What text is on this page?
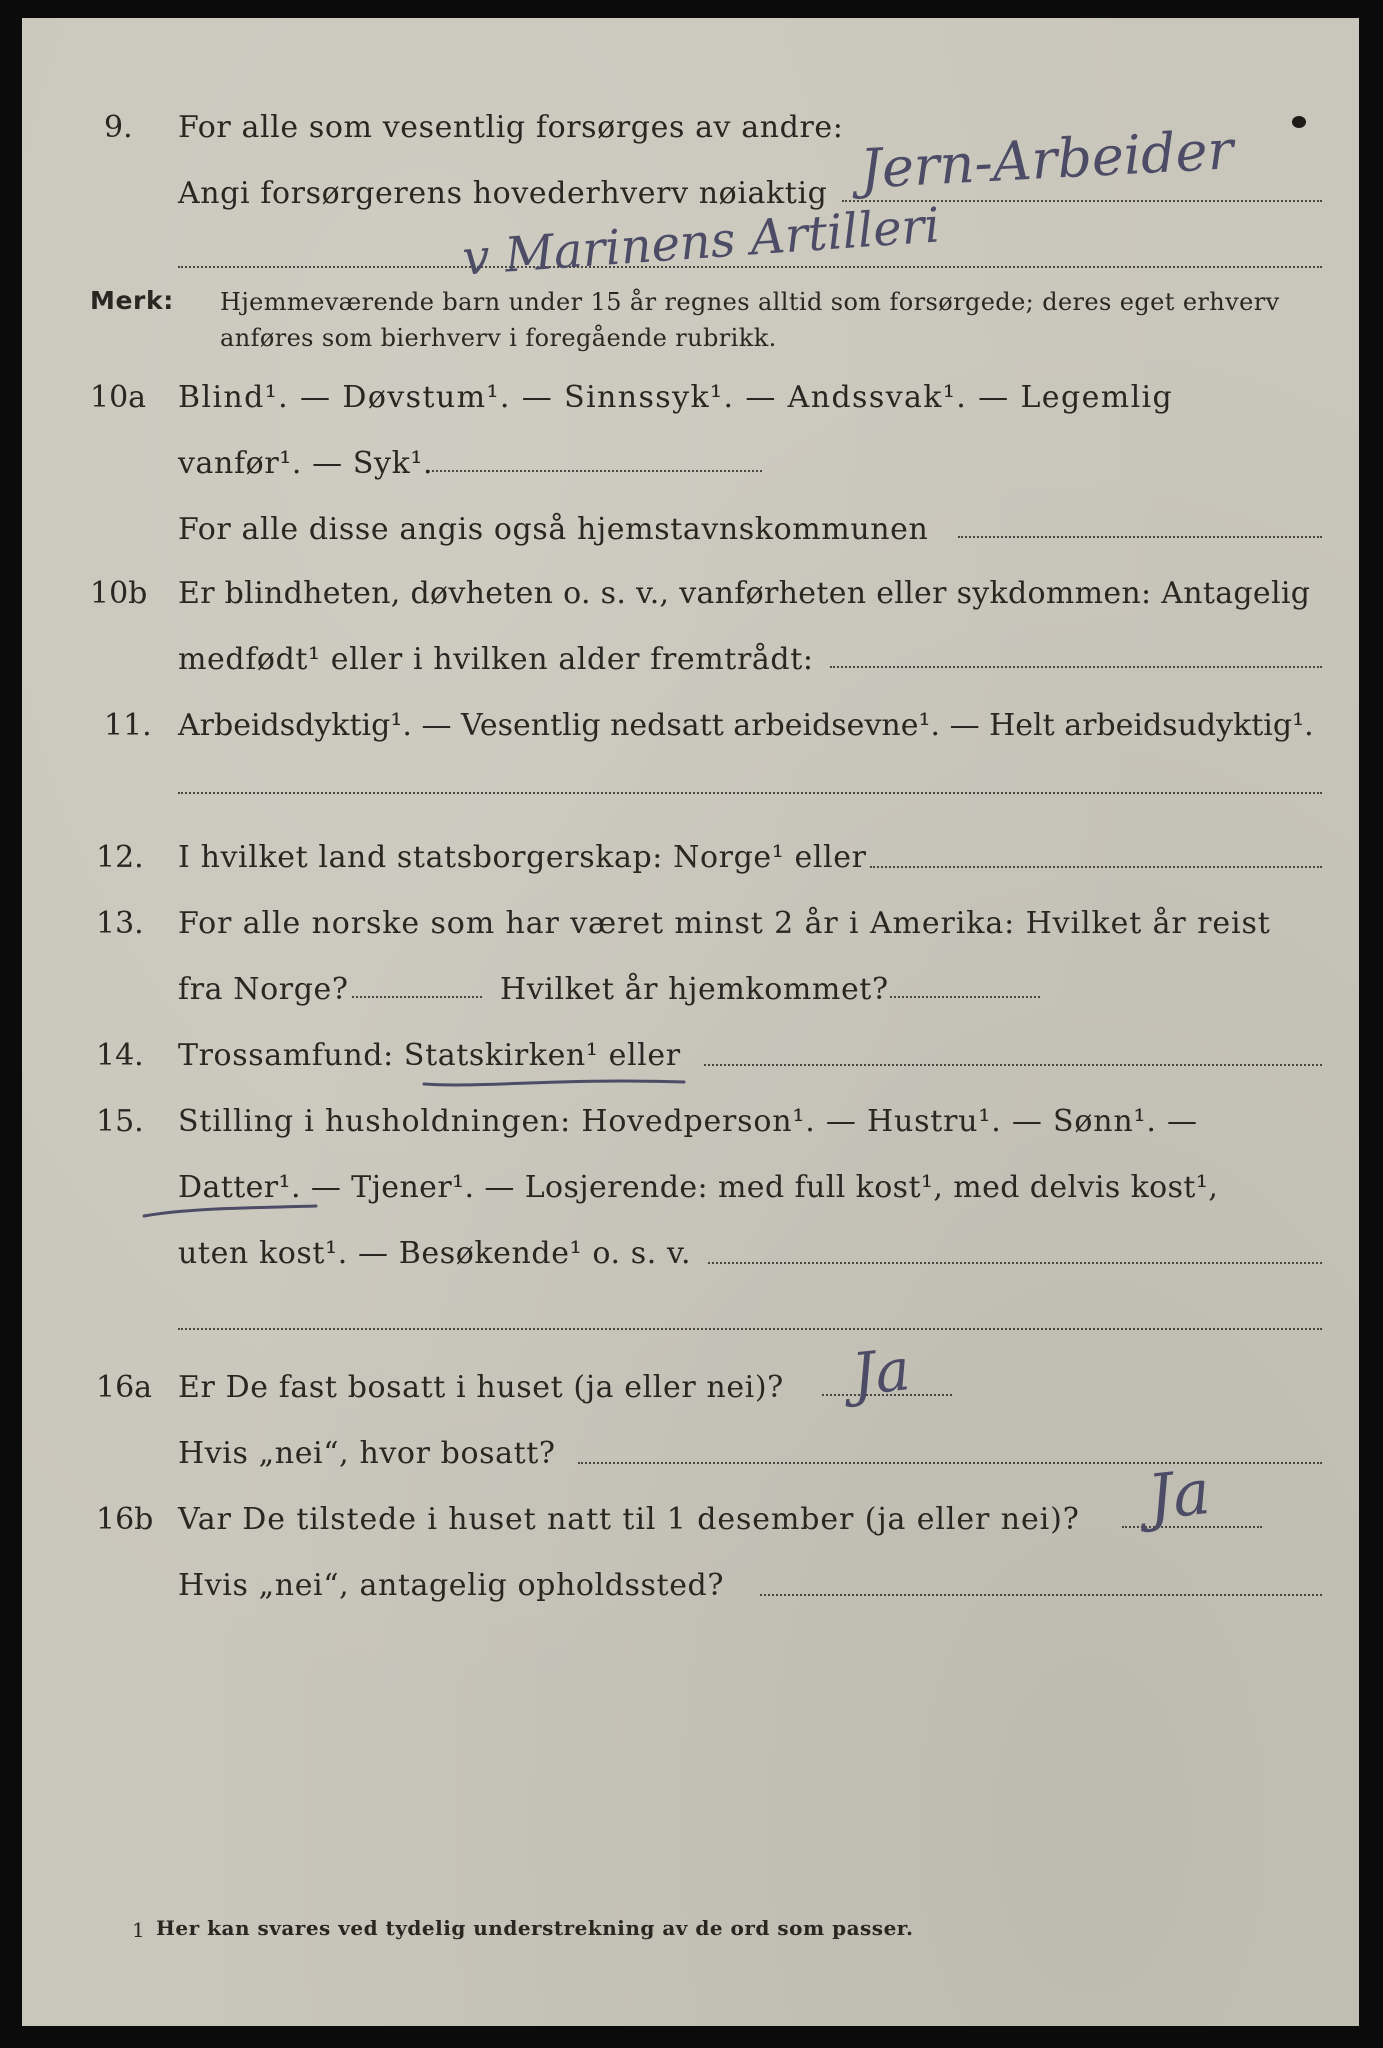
9. For alle som vesentlig forsørges av andre:
Angi forsørgerens hovederhverv nøiaktig Jern-Arbeider
v Marinens Artilleri
Merk: Hjemmeværende barn under 15 år regnes alltid som forsørgede; deres eget erhverv
anføres som bierhverv i foregående rubrikk.
10a Blind¹. — Døvstum¹. — Sinnssyk¹. — Andssvak¹. — Legemlig
vanfør¹. — Syk¹.
For alle disse angis også hjemstavnskommunen
10b Er blindheten, døvheten o. s. v., vanførheten eller sykdommen: Antagelig
medfødt¹ eller i hvilken alder fremtrådt:
11. Arbeidsdyktig¹. — Vesentlig nedsatt arbeidsevne¹. — Helt arbeidsudyktig¹.
12. I hvilket land statsborgerskap: Norge¹ eller
13. For alle norske som har været minst 2 år i Amerika: Hvilket år reist
fra Norge?	Hvilket år hjemkommet?
14. Trossamfund: Statskirken¹ eller
15. Stilling i husholdningen: Hovedperson¹. — Hustru¹. — Sønn¹. —
Datter¹. — Tjener¹. — Losjerende: med full kost¹, med delvis kost¹,
uten kost¹. — Besøkende¹ o. s. v.
16a Er De fast bosatt i huset (ja eller nei)? Ja
Hvis „nei“, hvor bosatt?
16b Var De tilstede i huset natt til 1 desember (ja eller nei)? Ja
Hvis „nei“, antagelig opholdssted?
1 Her kan svares ved tydelig understrekning av de ord som passer.
